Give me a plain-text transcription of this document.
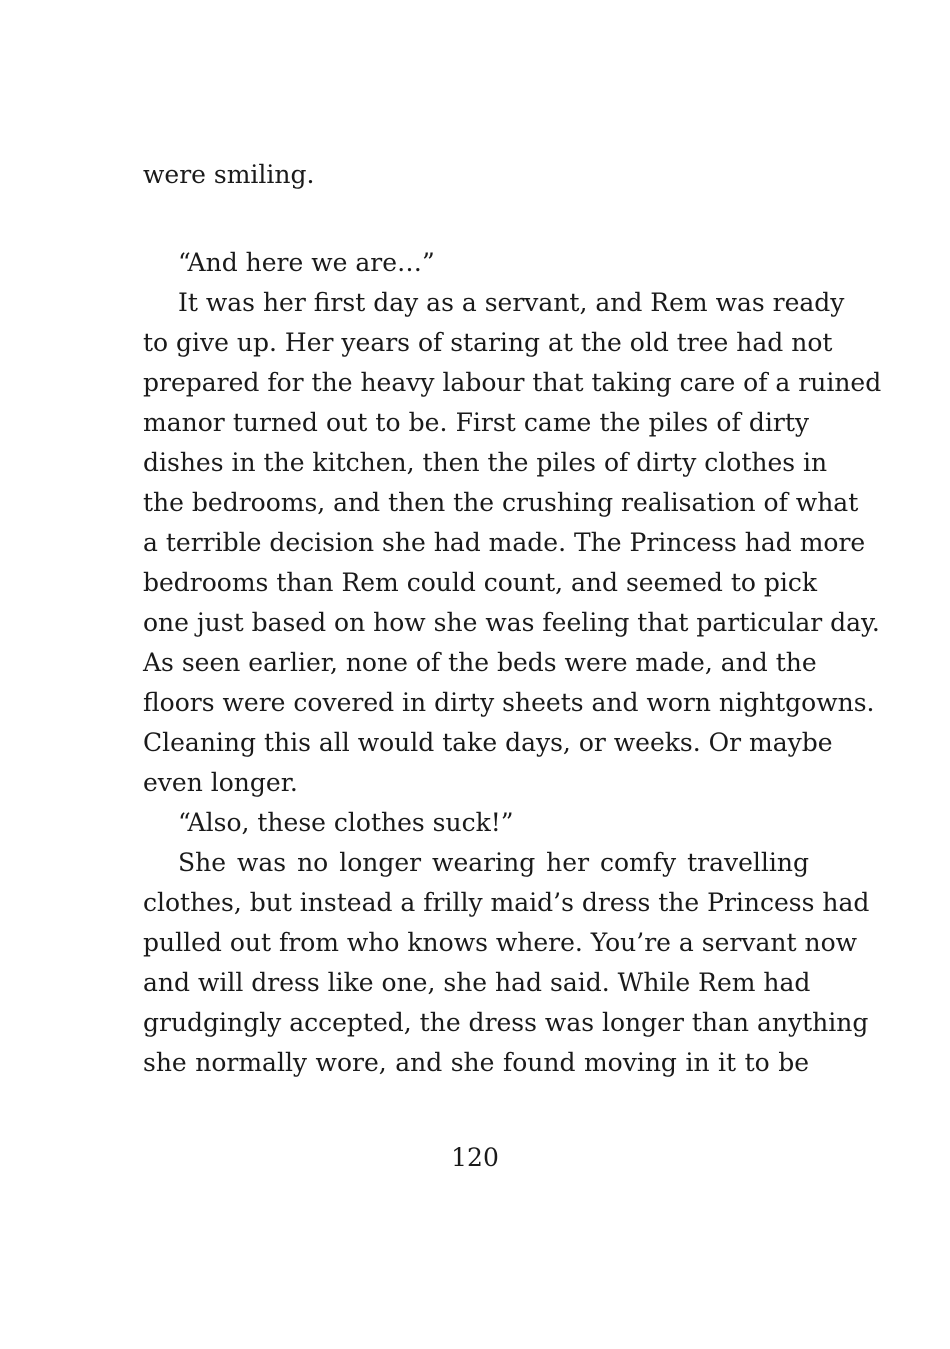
were smiling.
“And here we are…”
It was her first day as a servant, and Rem was ready
to give up. Her years of staring at the old tree had not
prepared for the heavy labour that taking care of a ruined
manor turned out to be. First came the piles of dirty
dishes in the kitchen, then the piles of dirty clothes in
the bedrooms, and then the crushing realisation of what
a terrible decision she had made. The Princess had more
bedrooms than Rem could count, and seemed to pick
one just based on how she was feeling that particular day.
As seen earlier, none of the beds were made, and the
floors were covered in dirty sheets and worn nightgowns.
Cleaning this all would take days, or weeks. Or maybe
even longer.
“Also, these clothes suck!”
She was no longer wearing her comfy travelling
clothes, but instead a frilly maid’s dress the Princess had
pulled out from who knows where. You’re a servant now
and will dress like one, she had said. While Rem had
grudgingly accepted, the dress was longer than anything
she normally wore, and she found moving in it to be
120
